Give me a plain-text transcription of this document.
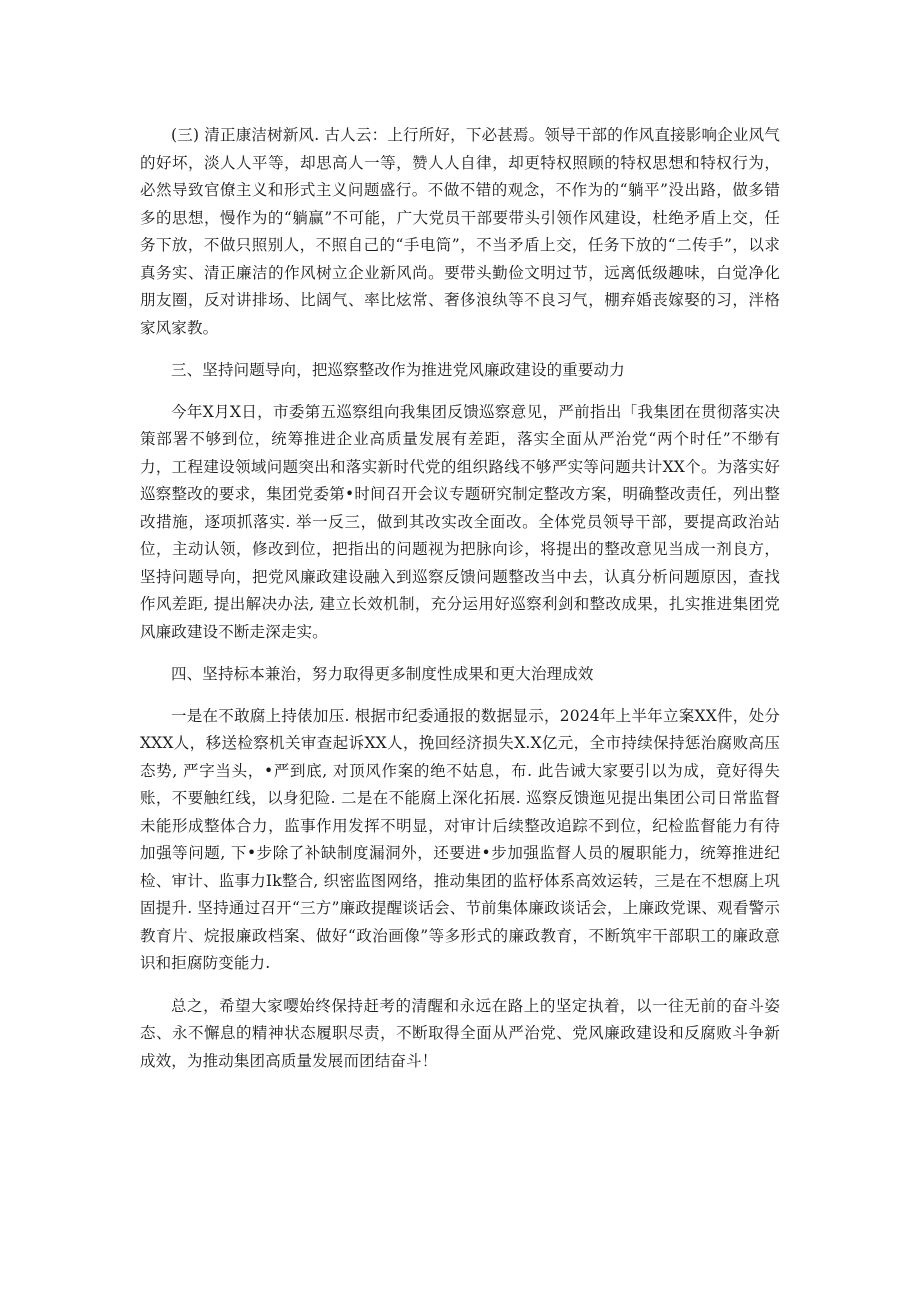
(三) 清正康洁树新风. 古人云：上行所好，下必甚焉。领导干部的作风直接影响企业风气的好坏，淡人人平等，却思高人一等，赞人人自律，却更特权照顾的特权思想和特权行为，必然导致官僚主义和形式主义问题盛行。不做不错的观念，不作为的“躺平”没出路，做多错多的思想，慢作为的“躺赢”不可能，广大党员干部要带头引领作风建设，杜绝矛盾上交，任务下放，不做只照别人，不照自己的“手电筒”，不当矛盾上交，任务下放的“二传手”，以求真务实、清正廉洁的作风树立企业新风尚。要带头勤俭文明过节，远离低级趣味，白觉净化朋友圈，反对讲排场、比阔气、率比炫常、奢侈浪纨等不良习气，棚弃婚丧嫁娶的习，泮格家风家教。

三、坚持问题导向，把巡察整改作为推进党风廉政建设的重要动力

今年X月X日，市委第五巡察组向我集团反馈巡察意见，严前指出「我集团在贯彻落实决策部署不够到位，统筹推进企业高质量发展有差距，落实全面从严治党“两个时任”不缈有力，工程建设领域问题突出和落实新时代党的组织路线不够严实等问题共计XX个。为落实好巡察整改的要求，集团党委第•时间召开会议专题研究制定整改方案，明确整改责任，列出整改措施，逐项抓落实. 举一反三，做到其改实改全面改。全体党员领导干部，要提高政治站位，主动认领，修改到位，把指出的问题视为把脉向诊，将提出的整改意见当成一剂良方，坚持问题导向，把党风廉政建设融入到巡察反馈问题整改当中去，认真分析问题原因，查找作风差距, 提出解决办法, 建立长效机制，充分运用好巡察利剑和整改成果，扎实推进集团党风廉政建设不断走深走实。

四、坚持标本兼治，努力取得更多制度性成果和更大治理成效

一是在不敢腐上持俵加压. 根据市纪委通报的数据显示，2024年上半年立案XX件，处分XXX人，移送检察机关审查起诉XX人，挽回经济损失X.X亿元，全市持续保持惩治腐败高压态势, 严字当头，•严到底, 对顶风作案的绝不姑息，布. 此告诫大家要引以为成，竟好得失账，不要触红线，以身犯险. 二是在不能腐上深化拓展. 巡察反馈迤见提出集团公司日常监督未能形成整体合力，监事作用发挥不明显，对审计后续整改追踪不到位，纪检监督能力有待加强等问题, 下•步除了补缺制度漏洞外，还要进•步加强监督人员的履职能力，统筹推进纪检、审计、监事力Ik整合, 织密监图网络，推动集团的监杼体系高效运转，三是在不想腐上巩固提升. 坚持通过召开“三方”廉政提醒谈话会、节前集体廉政谈话会，上廉政党课、观看警示教育片、烷报廉政档案、做好“政治画像”等多形式的廉政教育，不断筑牢干部职工的廉政意识和拒腐防变能力.

总之，希望大家嘤始终保持赶考的清醒和永远在路上的坚定执着，以一往无前的奋斗姿态、永不懈息的精神状态履职尽责，不断取得全面从严治党、党风廉政建设和反腐败斗争新成效，为推动集团高质量发展而团结奋斗！
